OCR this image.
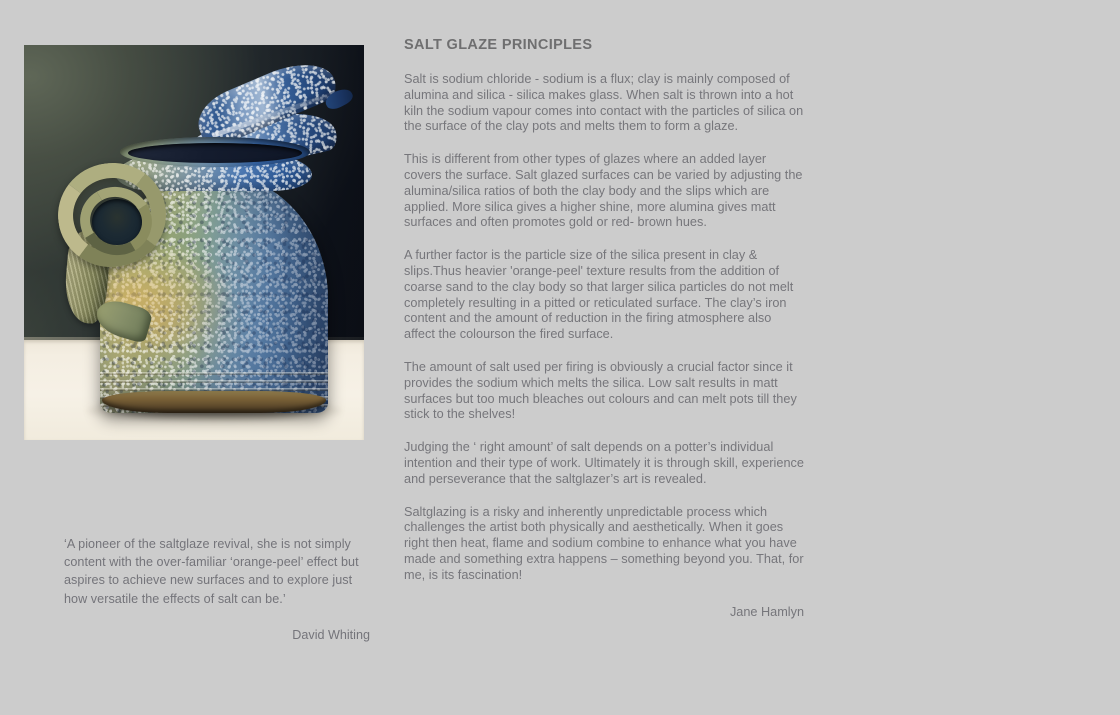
‘A pioneer of the saltglaze revival, she is not simply content with the over-familiar ‘orange-peel’ effect but aspires to achieve new surfaces and to explore just how versatile the effects of salt can be.’

David Whiting

SALT GLAZE PRINCIPLES

Salt is sodium chloride - sodium is a flux; clay is mainly composed of alumina and silica - silica makes glass. When salt is thrown into a hot kiln the sodium vapour comes into contact with the particles of silica on the surface of the clay pots and melts them to form a glaze.

This is different from other types of glazes where an added layer covers the surface. Salt glazed surfaces can be varied by adjusting the alumina/silica ratios of both the clay body and the slips which are applied. More silica gives a higher shine, more alumina gives matt surfaces and often promotes gold or red- brown hues.

A further factor is the particle size of the silica present in clay & slips.Thus heavier 'orange-peel' texture results from the addition of coarse sand to the clay body so that larger silica particles do not melt completely resulting in a pitted or reticulated surface. The clay’s iron content and the amount of reduction in the firing atmosphere also affect the colourson the fired surface.

The amount of salt used per firing is obviously a crucial factor since it provides the sodium which melts the silica. Low salt results in matt surfaces but too much bleaches out colours and can melt pots till they stick to the shelves!

Judging the ‘ right amount’ of salt depends on a potter’s individual intention and their type of work. Ultimately it is through skill, experience and perseverance that the saltglazer’s art is revealed.

Saltglazing is a risky and inherently unpredictable process which challenges the artist both physically and aesthetically. When it goes right then heat, flame and sodium combine to enhance what you have made and something extra happens – something beyond you. That, for me, is its fascination!

Jane Hamlyn
